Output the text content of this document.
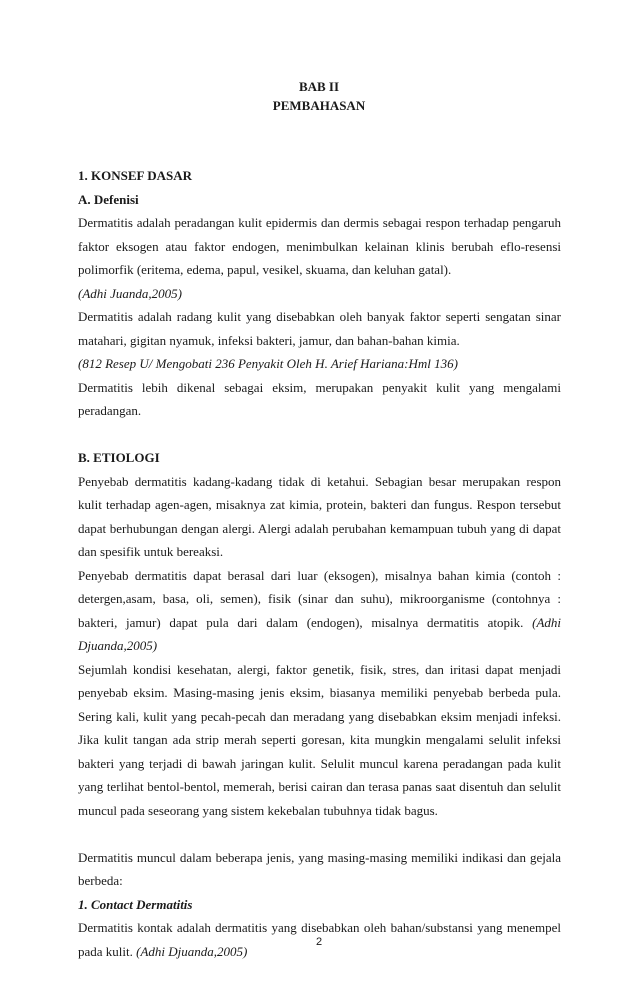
BAB II
PEMBAHASAN

1. KONSEF DASAR

A. Defenisi

Dermatitis adalah peradangan kulit epidermis dan dermis sebagai respon terhadap pengaruh faktor eksogen atau faktor endogen, menimbulkan kelainan klinis berubah eflo-resensi polimorfik (eritema, edema, papul, vesikel, skuama, dan keluhan gatal).

(Adhi Juanda,2005)

Dermatitis adalah radang kulit yang disebabkan oleh banyak faktor seperti sengatan sinar matahari, gigitan nyamuk, infeksi bakteri, jamur, dan bahan-bahan kimia.

(812 Resep U/ Mengobati 236 Penyakit Oleh H. Arief Hariana:Hml 136)

Dermatitis lebih dikenal sebagai eksim, merupakan penyakit kulit yang mengalami peradangan.

B. ETIOLOGI

Penyebab dermatitis kadang-kadang tidak di ketahui. Sebagian besar merupakan respon kulit terhadap agen-agen, misaknya zat kimia, protein, bakteri dan fungus. Respon tersebut dapat berhubungan dengan alergi. Alergi adalah perubahan kemampuan tubuh yang di dapat dan spesifik untuk bereaksi.

Penyebab dermatitis dapat berasal dari luar (eksogen), misalnya bahan kimia (contoh : detergen,asam, basa, oli, semen), fisik (sinar dan suhu), mikroorganisme (contohnya : bakteri, jamur) dapat pula dari dalam (endogen), misalnya dermatitis atopik. (Adhi Djuanda,2005)

Sejumlah kondisi kesehatan, alergi, faktor genetik, fisik, stres, dan iritasi dapat menjadi penyebab eksim. Masing-masing jenis eksim, biasanya memiliki penyebab berbeda pula. Sering kali, kulit yang pecah-pecah dan meradang yang disebabkan eksim menjadi infeksi. Jika kulit tangan ada strip merah seperti goresan, kita mungkin mengalami selulit infeksi bakteri yang terjadi di bawah jaringan kulit. Selulit muncul karena peradangan pada kulit yang terlihat bentol-bentol, memerah, berisi cairan dan terasa panas saat disentuh dan selulit muncul pada seseorang yang sistem kekebalan tubuhnya tidak bagus.

Dermatitis muncul dalam beberapa jenis, yang masing-masing memiliki indikasi dan gejala berbeda:

1. Contact Dermatitis

Dermatitis kontak adalah dermatitis yang disebabkan oleh bahan/substansi yang menempel pada kulit. (Adhi Djuanda,2005)

2
